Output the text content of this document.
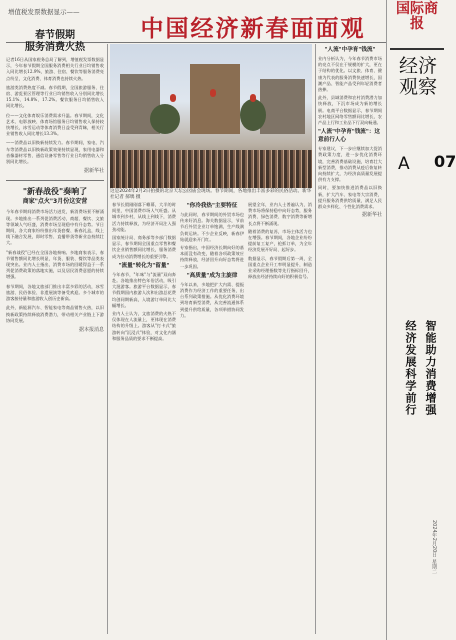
增值税发票数据显示——
中国经济新春面面观
国际商报
经济观察
A	07
春节假期
服务消费火热

记者16日从国家税务总局了解到，增值税发票数据显示，今年春节假期全国服务消费相关行业日均销售收入同比增长12.9%，旅游、住宿、餐饮等服务消费亮点纷呈，文化消费、体育消费也持续火热。

旅游类消费热度不减。春节假期，全国旅游服务、住宿、游览景区管理等行业日均销售收入分别同比增长15.1%、14.8%、17.2%。餐饮服务日均销售收入同比增长。

位——文化体育娱乐消费需求升温。春节期间，文化艺术、电影放映、体育场馆服务日均销售收入保持较快增长，冰雪运动等体育消费日益受到青睐，相关行业销售收入同比增长13.3%。

——消费品以旧换新持续发力。春节期间，家电、汽车等消费品以旧换新政策效果持续显现，家用电器和音像器材零售、通信设备零售等行业日均销售收入分别同比增长。

据新华社
"新春战役"奏响了
商家"点火"3月份这安营

今年春节期间消费市场活力迸发，新消费场景不断涌现。多地推出一系列促消费活动，商超、餐饮、文旅等领域人气旺盛，消费市场呈现稳中有升态势。节日期间，各大商家纷纷推出年货套餐、新春礼盒，线上线下融合发展，即时零售、直播带货等新业态持续壮大。

"新春战役"已经在全国各地奏响。多地商家表示，春节销售额同比增长明显，年货、服装、餐饮等品类表现突出。业内人士指出，消费市场的回暖得益于一系列促消费政策的落地实施，以及居民消费意愿的持续增强。

春节期间，各地文旅部门推出丰富多彩的活动，冰雪旅游、民俗体验、非遗展演等备受欢迎。多个城市的游客接待量和旅游收入创历史新高。

此外，新能源汽车、智能家电等商品销售火热，以旧换新政策持续释放消费潜力，带动相关产业链上下游协同发展。

据本报消息
这是2024年2月2日拍摄的北京天坛公园庙会现场。春节期间，各地推出丰富多彩的民俗活动。新华社记者 郝瑀 摄

春节长假刚刚落下帷幕，大半的时间里，中国消费市场人气旺盛。从城市到乡村，从线上到线下，消费活力持续释放，为经济开局注入强劲动能。

国家统计局、商务部等多部门数据显示，春节期间全国重点零售和餐饮企业销售额同比增长，服务消费成为拉动消费增长的重要引擎。

"流量"转化为"留量"

今年春节，"年味"与"流量"双向奔赴。各地推出特色年俗活动，吸引大批游客。旅游平台数据显示，春节假期国内旅游人次和出游总花费均创同期新高，入境游订单同比大幅增长。

业内人士认为，文旅消费的火热不仅体现在人流量上，更体现在消费结构的升级上。游客从"打卡式"旅游转向"沉浸式"体验，对文化内涵和服务品质的要求不断提高。

"你冷我热"主要特征

与此同时，春节期间的外贸市场也传来好消息。海关数据显示，节前节后外贸企业订单饱满，生产线满负荷运转。不少企业反映，新春伊始就迎来开门红。

专家指出，中国经济长期向好的基本面没有改变，随着各项政策效应持续释放，经济回升向好态势将进一步巩固。

"高质量"成为主旋律

今年以来，多地把扩大内需、提振消费作为经济工作的重要任务，出台系列政策措施。从优化消费环境到培育新型消费，从完善流通体系到提升供给质量，各项举措协同发力。

展望全年，业内人士普遍认为，消费市场将保持稳中向好态势，服务消费、绿色消费、数字消费等新增长点将不断涌现。

随着消费的复苏，市场主体活力也在增强。春节期间，各地企业纷纷提前复工复产，抢抓订单，为全年经济发展开好局、起好步。

数据显示，春节假期后第一周，全国重点企业开工率明显提升，制造业采购经理指数等先行指标回升，释放出经济持续向好的积极信号。

"人流"中孕育"钱流"

业内分析认为，今年春节消费市场的亮点不仅在于规模的扩大，更在于结构的优化。以文旅、体育、健康为代表的服务消费快速增长，国潮产品、智能产品受到年轻消费者热捧。

此外，县域消费和农村消费潜力加快释放，下沉市场成为新的增长极。电商平台数据显示，春节期间农村地区网络零售额同比增长，农产品上行和工业品下行双向畅通。

"人流"中孕育"钱流"：这意前行人心

专家建议，下一步应继续加大促消费政策力度，进一步优化消费环境，完善消费基础设施，培育壮大新型消费，推动消费从疫后恢复转向持续扩大，为经济高质量发展提供有力支撑。

同时，要加快推进消费品以旧换新，扩大汽车、家电等大宗消费，提升服务消费供给质量，满足人民群众多样化、个性化消费需求。

据新华社
经济发展科学前行 智能助力消费增强
2024年2月20日 星期二
